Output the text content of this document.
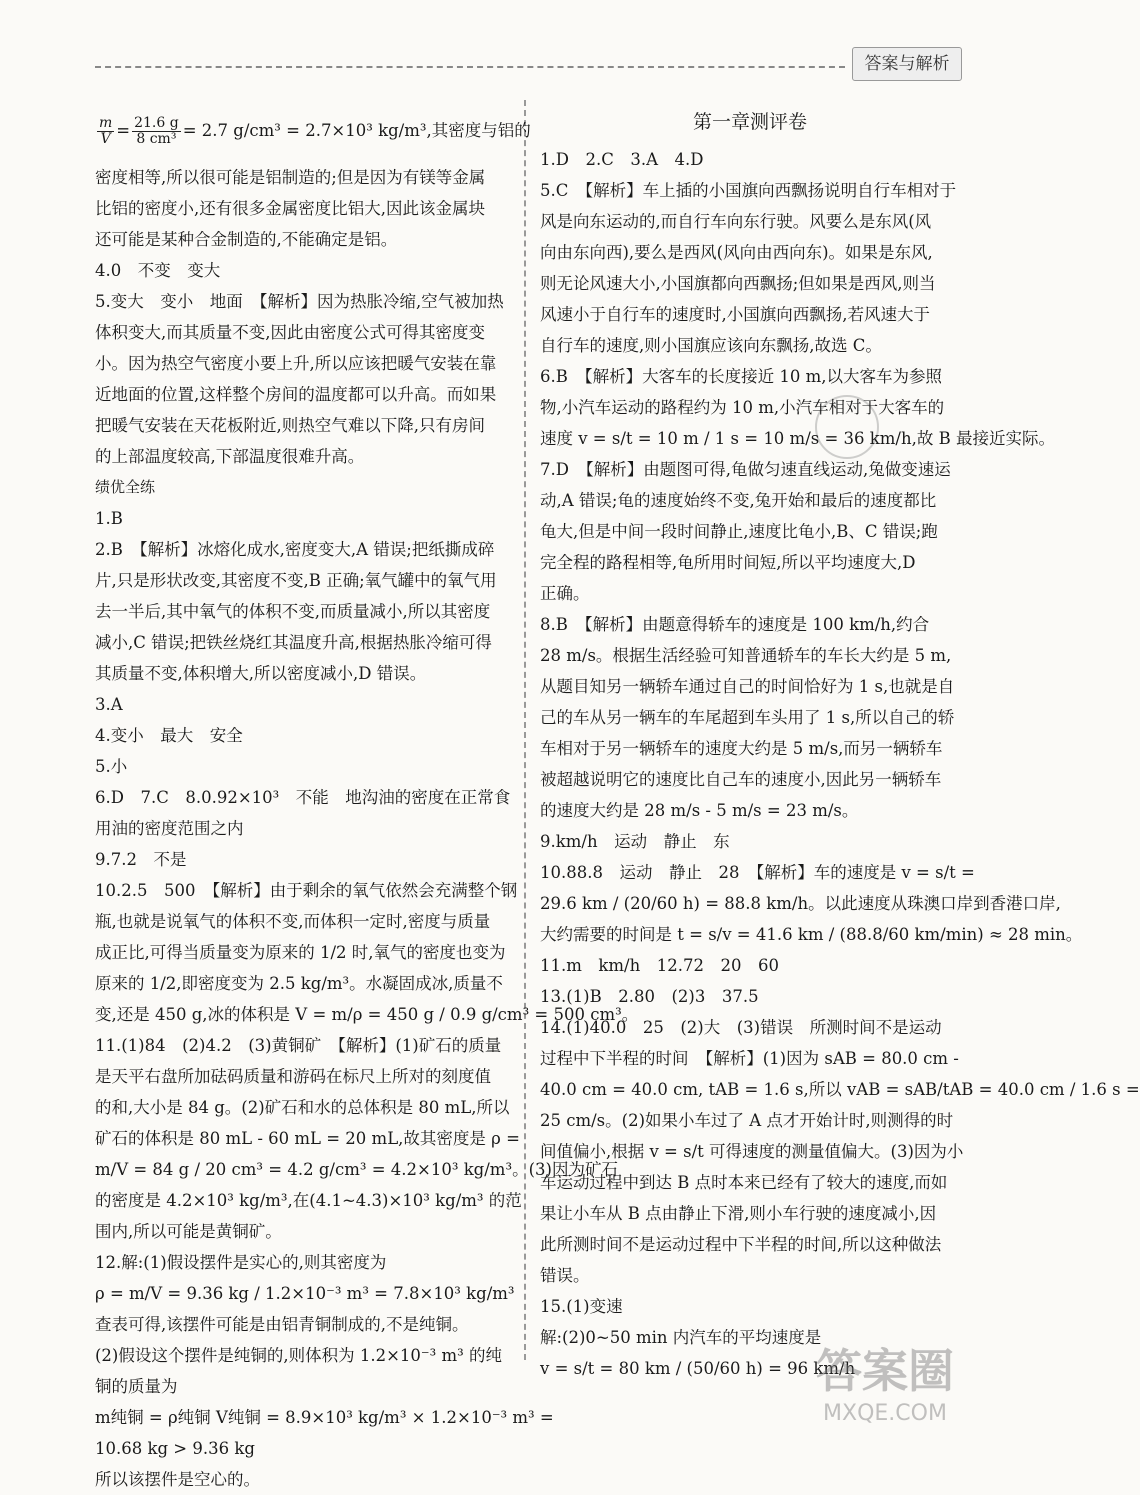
答案与解析
$\frac{m}{V} = \frac{21.6 g}{\text{8 cm³}} = 2.7$ g/cm³ = 2.7×10³ kg/m³,其密度与铝的
密度相等,所以很可能是铝制造的;但是因为有镁等金属
比铝的密度小,还有很多金属密度比铝大,因此该金属块
还可能是某种合金制造的,不能确定是铝。
4.0　不变　变大
5.变大　变小　地面　【解析】因为热胀冷缩,空气被加热
体积变大,而其质量不变,因此由密度公式可得其密度变
小。因为热空气密度小要上升,所以应该把暖气安装在靠
近地面的位置,这样整个房间的温度都可以升高。而如果
把暖气安装在天花板附近,则热空气难以下降,只有房间
的上部温度较高,下部温度很难升高。
绩优全练
1.B
2.B　【解析】冰熔化成水,密度变大,A 错误;把纸撕成碎
片,只是形状改变,其密度不变,B 正确;氧气罐中的氧气用
去一半后,其中氧气的体积不变,而质量减小,所以其密度
减小,C 错误;把铁丝烧红其温度升高,根据热胀冷缩可得
其质量不变,体积增大,所以密度减小,D 错误。
3.A
4.变小　最大　安全
5.小
6.D　7.C　8.0.92×10³　不能　地沟油的密度在正常食
用油的密度范围之内
9.7.2　不是
10.2.5　500　【解析】由于剩余的氧气依然会充满整个钢
瓶,也就是说氧气的体积不变,而体积一定时,密度与质量
成正比,可得当质量变为原来的 1/2 时,氧气的密度也变为
原来的 1/2,即密度变为 2.5 kg/m³。水凝固成冰,质量不
变,还是 450 g,冰的体积是 V = m/ρ = 450 g / 0.9 g/cm³ = 500 cm³。
11.(1)84　(2)4.2　(3)黄铜矿　【解析】(1)矿石的质量
是天平右盘所加砝码质量和游码在标尺上所对的刻度值
的和,大小是 84 g。(2)矿石和水的总体积是 80 mL,所以
矿石的体积是 80 mL - 60 mL = 20 mL,故其密度是 ρ =
m/V = 84 g / 20 cm³ = 4.2 g/cm³ = 4.2×10³ kg/m³。(3)因为矿石
的密度是 4.2×10³ kg/m³,在(4.1~4.3)×10³ kg/m³ 的范
围内,所以可能是黄铜矿。
12.解:(1)假设摆件是实心的,则其密度为
ρ = m/V = 9.36 kg / 1.2×10⁻³ m³ = 7.8×10³ kg/m³
查表可得,该摆件可能是由铝青铜制成的,不是纯铜。
(2)假设这个摆件是纯铜的,则体积为 1.2×10⁻³ m³ 的纯
铜的质量为
m纯铜 = ρ纯铜 V纯铜 = 8.9×10³ kg/m³ × 1.2×10⁻³ m³ =
10.68 kg > 9.36 kg
所以该摆件是空心的。
第一章测评卷
1.D　2.C　3.A　4.D
5.C　【解析】车上插的小国旗向西飘扬说明自行车相对于
风是向东运动的,而自行车向东行驶。风要么是东风(风
向由东向西),要么是西风(风向由西向东)。如果是东风,
则无论风速大小,小国旗都向西飘扬;但如果是西风,则当
风速小于自行车的速度时,小国旗向西飘扬,若风速大于
自行车的速度,则小国旗应该向东飘扬,故选 C。
6.B　【解析】大客车的长度接近 10 m,以大客车为参照
物,小汽车运动的路程约为 10 m,小汽车相对于大客车的
速度 v = s/t = 10 m / 1 s = 10 m/s = 36 km/h,故 B 最接近实际。
7.D　【解析】由题图可得,龟做匀速直线运动,兔做变速运
动,A 错误;龟的速度始终不变,兔开始和最后的速度都比
龟大,但是中间一段时间静止,速度比龟小,B、C 错误;跑
完全程的路程相等,龟所用时间短,所以平均速度大,D
正确。
8.B　【解析】由题意得轿车的速度是 100 km/h,约合
28 m/s。根据生活经验可知普通轿车的车长大约是 5 m,
从题目知另一辆轿车通过自己的时间恰好为 1 s,也就是自
己的车从另一辆车的车尾超到车头用了 1 s,所以自己的轿
车相对于另一辆轿车的速度大约是 5 m/s,而另一辆轿车
被超越说明它的速度比自己车的速度小,因此另一辆轿车
的速度大约是 28 m/s - 5 m/s = 23 m/s。
9.km/h　运动　静止　东
10.88.8　运动　静止　28　【解析】车的速度是 v = s/t =
29.6 km / (20/60 h) = 88.8 km/h。以此速度从珠澳口岸到香港口岸,
大约需要的时间是 t = s/v = 41.6 km / (88.8/60 km/min) ≈ 28 min。
11.m　km/h　12.72　20　60
13.(1)B　2.80　(2)3　37.5
14.(1)40.0　25　(2)大　(3)错误　所测时间不是运动
过程中下半程的时间　【解析】(1)因为 sAB = 80.0 cm -
40.0 cm = 40.0 cm, tAB = 1.6 s,所以 vAB = sAB/tAB = 40.0 cm / 1.6 s =
25 cm/s。(2)如果小车过了 A 点才开始计时,则测得的时
间值偏小,根据 v = s/t 可得速度的测量值偏大。(3)因为小
车运动过程中到达 B 点时本来已经有了较大的速度,而如
果让小车从 B 点由静止下滑,则小车行驶的速度减小,因
此所测时间不是运动过程中下半程的时间,所以这种做法
错误。
15.(1)变速
解:(2)0~50 min 内汽车的平均速度是
v = s/t = 80 km / (50/60 h) = 96 km/h
答案圈
MXQE.COM
